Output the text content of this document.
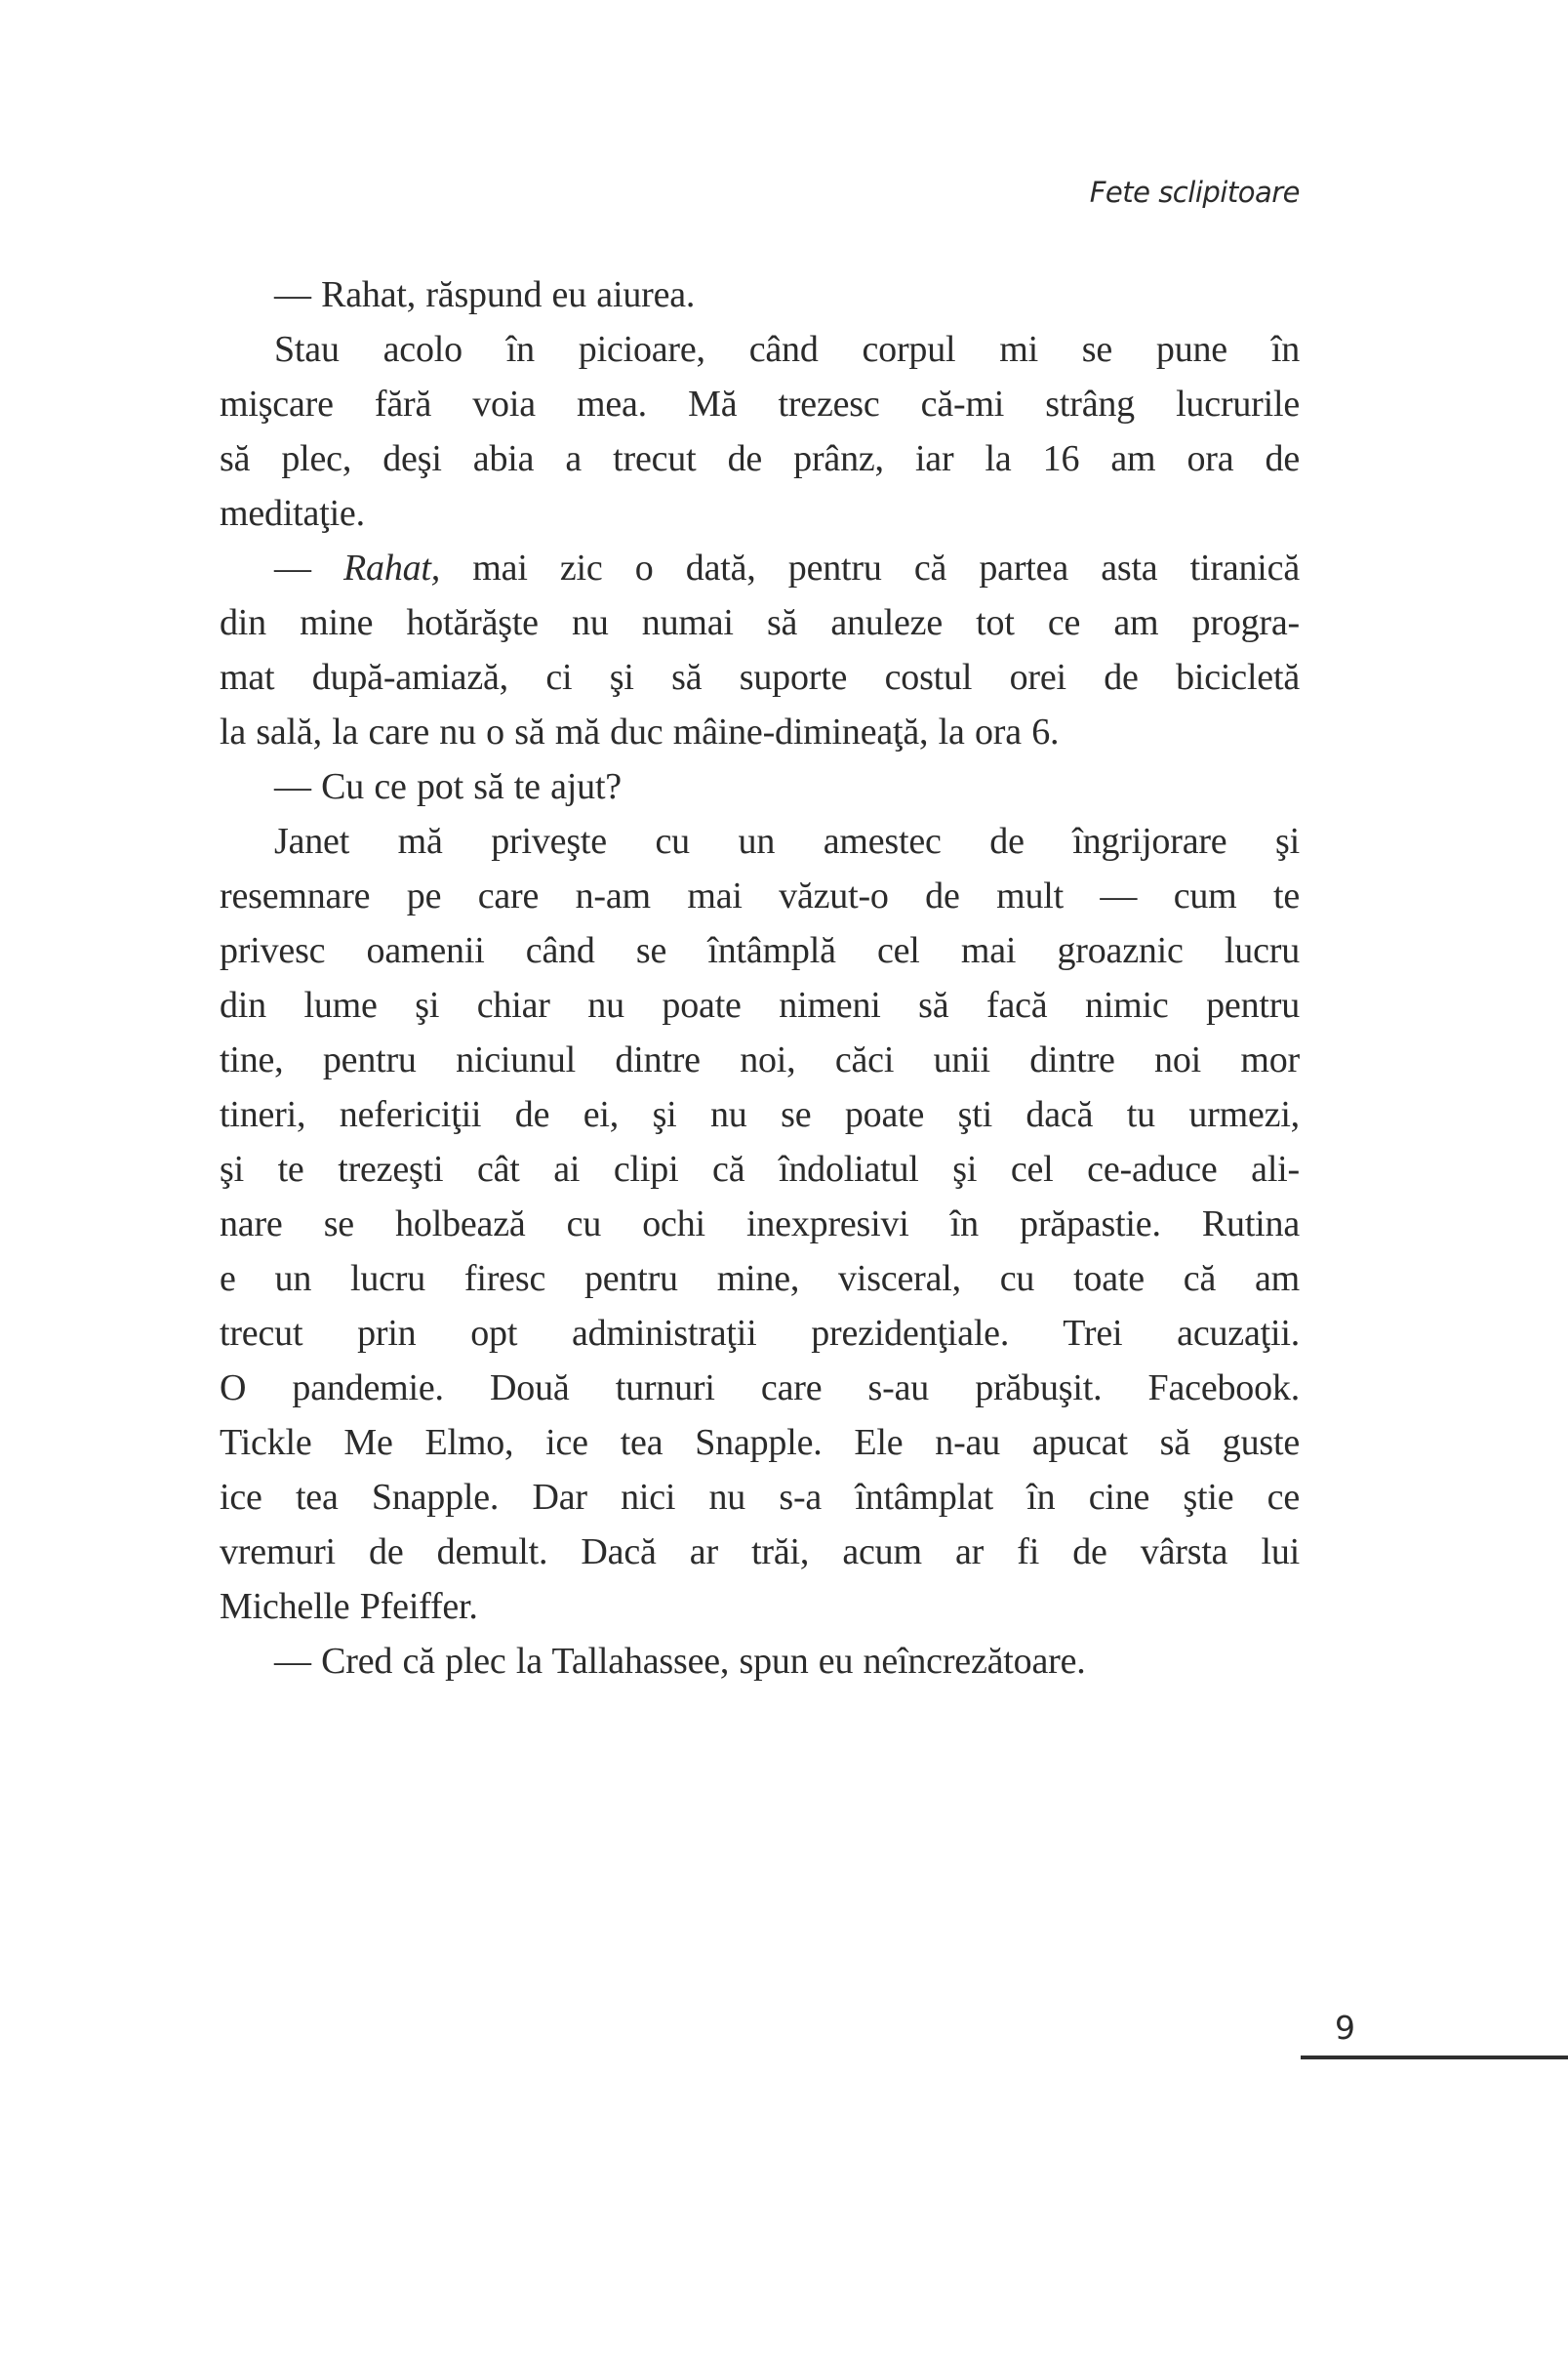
Fete sclipitoare
— Rahat, răspund eu aiurea.
Stau acolo în picioare, când corpul mi se pune în
mişcare fără voia mea. Mă trezesc că-mi strâng lucrurile
să plec, deşi abia a trecut de prânz, iar la 16 am ora de
meditaţie.
— Rahat, mai zic o dată, pentru că partea asta tiranică
din mine hotărăşte nu numai să anuleze tot ce am progra-
mat după-amiază, ci şi să suporte costul orei de bicicletă
la sală, la care nu o să mă duc mâine-dimineaţă, la ora 6.
— Cu ce pot să te ajut?
Janet mă priveşte cu un amestec de îngrijorare şi
resemnare pe care n-am mai văzut-o de mult — cum te
privesc oamenii când se întâmplă cel mai groaznic lucru
din lume şi chiar nu poate nimeni să facă nimic pentru
tine, pentru niciunul dintre noi, căci unii dintre noi mor
tineri, nefericiţii de ei, şi nu se poate şti dacă tu urmezi,
şi te trezeşti cât ai clipi că îndoliatul şi cel ce-aduce ali-
nare se holbează cu ochi inexpresivi în prăpastie. Rutina
e un lucru firesc pentru mine, visceral, cu toate că am
trecut prin opt administraţii prezidenţiale. Trei acuzaţii.
O pandemie. Două turnuri care s-au prăbuşit. Facebook.
Tickle Me Elmo, ice tea Snapple. Ele n-au apucat să guste
ice tea Snapple. Dar nici nu s-a întâmplat în cine ştie ce
vremuri de demult. Dacă ar trăi, acum ar fi de vârsta lui
Michelle Pfeiffer.
— Cred că plec la Tallahassee, spun eu neîncrezătoare.
9
